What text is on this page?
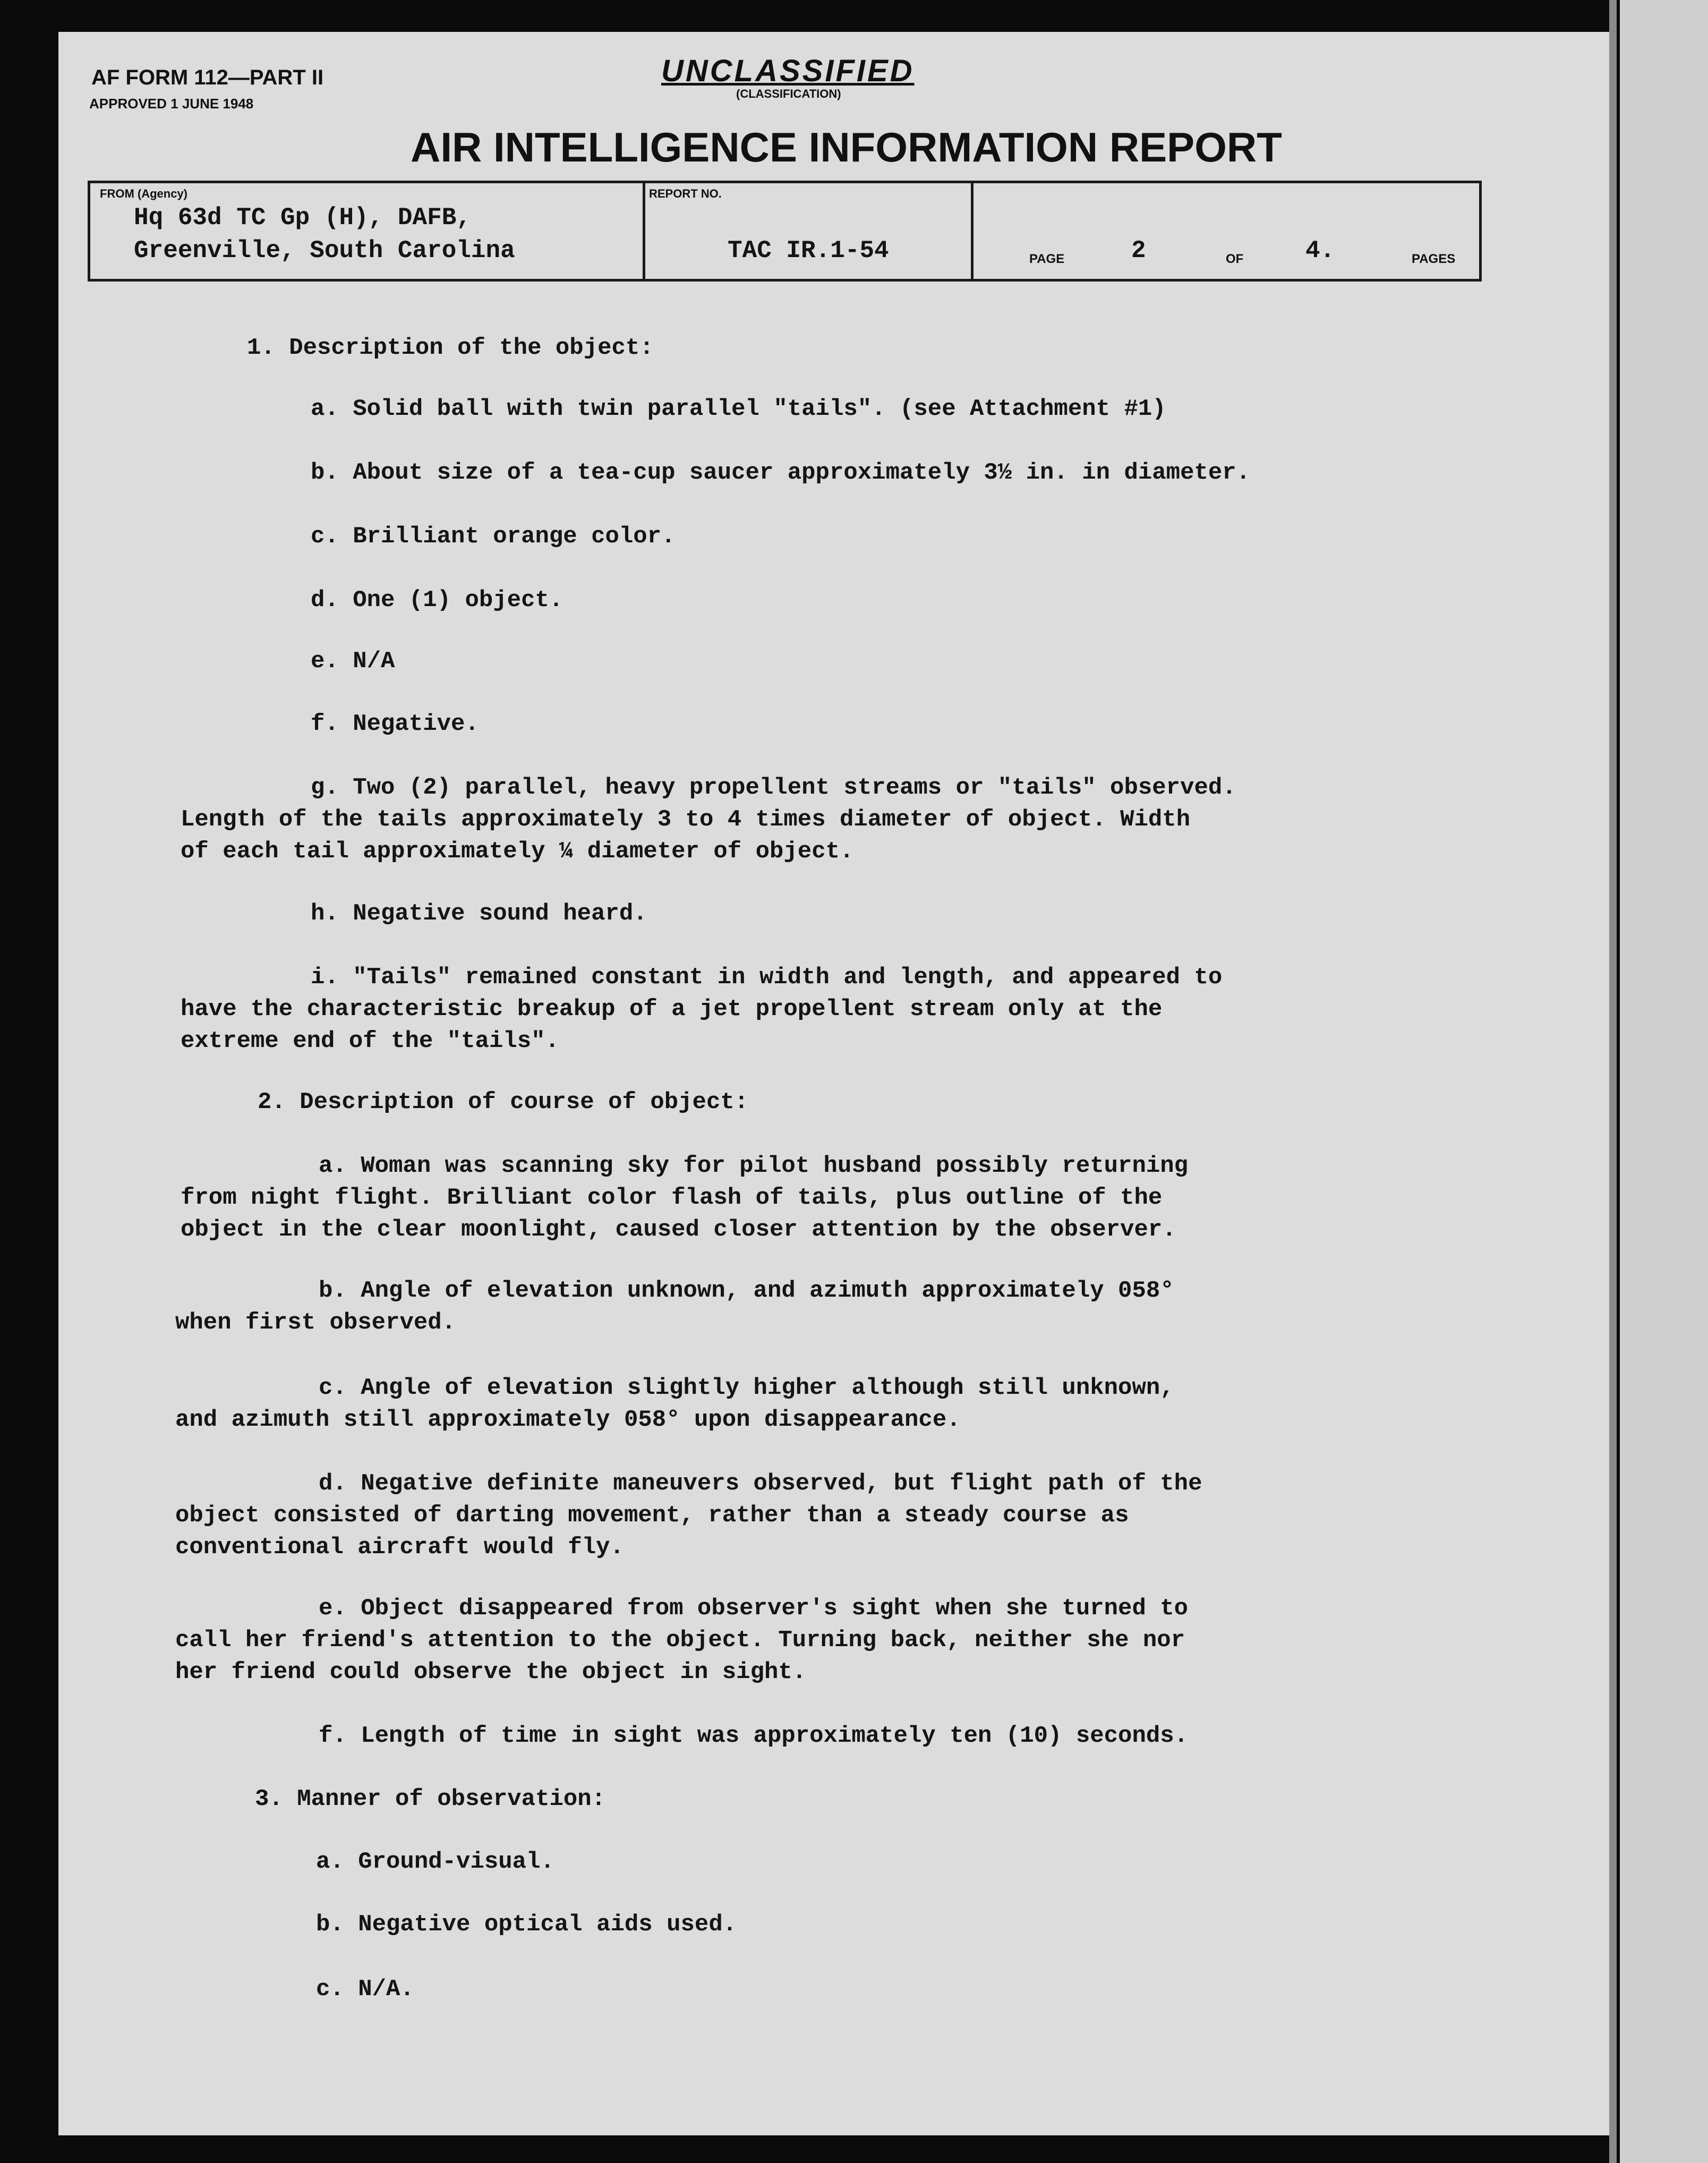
AF FORM 112—PART II
APPROVED 1 JUNE 1948
UNCLASSIFIED
(CLASSIFICATION)
AIR INTELLIGENCE INFORMATION REPORT
FROM (Agency)
Hq 63d TC Gp (H), DAFB,
Greenville, South Carolina
REPORT NO.
TAC IR.1-54	PAGE	2	OF	4.	PAGES
1. Description of the object:
a. Solid ball with twin parallel "tails". (see Attachment #1)
b. About size of a tea-cup saucer approximately 3½ in. in diameter.
c. Brilliant orange color.
d. One (1) object.
e. N/A
f. Negative.
g. Two (2) parallel, heavy propellent streams or "tails" observed.
Length of the tails approximately 3 to 4 times diameter of object. Width
of each tail approximately ¼ diameter of object.
h. Negative sound heard.
i. "Tails" remained constant in width and length, and appeared to
have the characteristic breakup of a jet propellent stream only at the
extreme end of the "tails".
2. Description of course of object:
a. Woman was scanning sky for pilot husband possibly returning
from night flight. Brilliant color flash of tails, plus outline of the
object in the clear moonlight, caused closer attention by the observer.
b. Angle of elevation unknown, and azimuth approximately 058°
when first observed.
c. Angle of elevation slightly higher although still unknown,
and azimuth still approximately 058° upon disappearance.
d. Negative definite maneuvers observed, but flight path of the
object consisted of darting movement, rather than a steady course as
conventional aircraft would fly.
e. Object disappeared from observer's sight when she turned to
call her friend's attention to the object. Turning back, neither she nor
her friend could observe the object in sight.
f. Length of time in sight was approximately ten (10) seconds.
3. Manner of observation:
a. Ground-visual.
b. Negative optical aids used.
c. N/A.
